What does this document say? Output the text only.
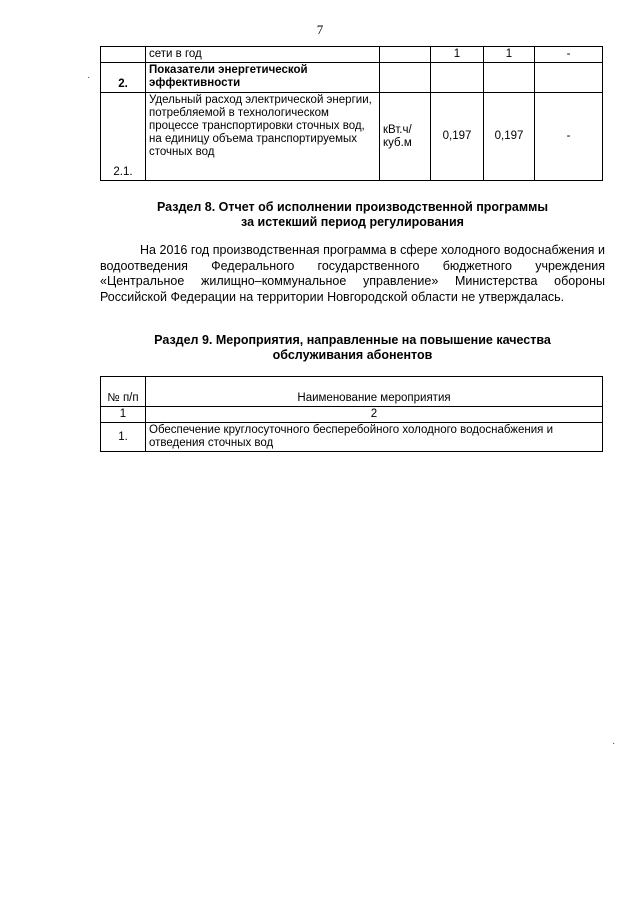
7
	сети в год		1	1	-
2.	Показатели энергетической эффективности				
2.1.	Удельный расход электрической энергии, потребляемой в технологическом процессе транспортировки сточных вод, на единицу объема транспортируемых сточных вод	кВт.ч/куб.м	0,197	0,197	-
Раздел 8. Отчет об исполнении производственной программы
за истекший период регулирования
На 2016 год производственная программа в сфере холодного водоснабжения и водоотведения Федерального государственного бюджетного учреждения «Центральное жилищно–коммунальное управление» Министерства обороны Российской Федерации на территории Новгородской области не утверждалась.
Раздел 9. Мероприятия, направленные на повышение качества
обслуживания абонентов
№ п/п	Наименование мероприятия
1	2
1.	Обеспечение круглосуточного бесперебойного холодного водоснабжения и отведения сточных вод
·
·
